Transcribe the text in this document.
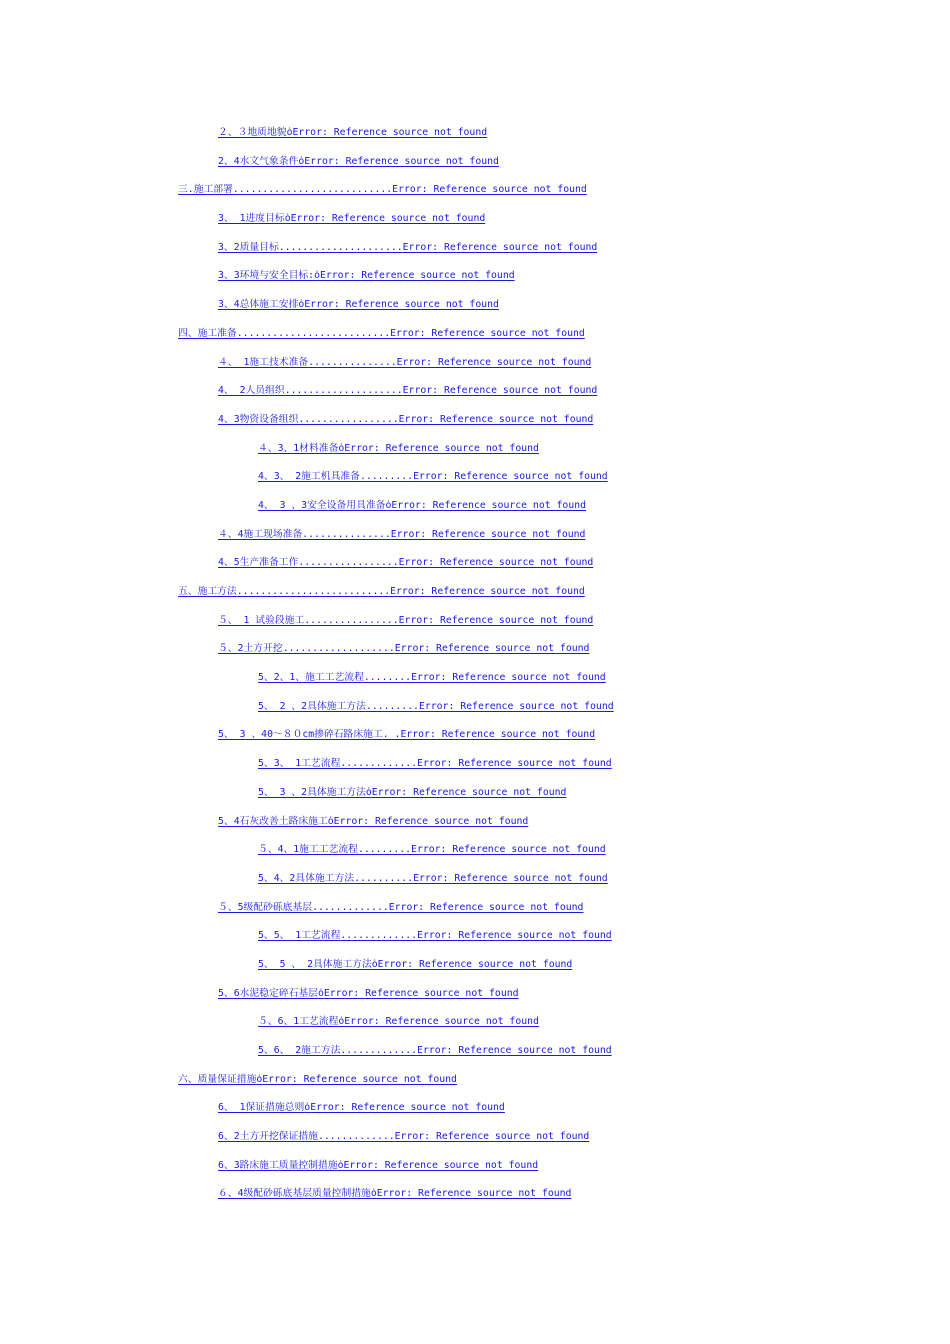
２、３地质地貌ȯError: Reference source not found
2、4水文气象条件ȯError: Reference source not found
三.施工部署...........................Error: Reference source not found
3、 1进度目标ȯError: Reference source not found
3、2质量目标.....................Error: Reference source not found
3、3环境与安全目标:ȯError: Reference source not found
3、4总体施工安排ȯError: Reference source not found
四、施工准备..........................Error: Reference source not found
４、 1施工技术准备...............Error: Reference source not found
4、 2人员组织....................Error: Reference source not found
4、3物资设备组织.................Error: Reference source not found
４、3、1材料准备ȯError: Reference source not found
4、3、 2施工机具准备.........Error: Reference source not found
4、 3 、3安全设备用具准备ȯError: Reference source not found
４、4施工现场准备...............Error: Reference source not found
4、5生产准备工作.................Error: Reference source not found
五、施工方法..........................Error: Reference source not found
５、 1 试验段施工................Error: Reference source not found
５、2土方开挖...................Error: Reference source not found
5、2、1、施工工艺流程........Error: Reference source not found
5、 2 、2具体施工方法.........Error: Reference source not found
5、 3 、40～８０cm掺碎石路床施工. .Error: Reference source not found
5、3、 1工艺流程.............Error: Reference source not found
5、 3 、2具体施工方法ȯError: Reference source not found
5、4石灰改善土路床施工ȯError: Reference source not found
５、4、1施工工艺流程.........Error: Reference source not found
5、4、2具体施工方法..........Error: Reference source not found
５、5级配砂砾底基层.............Error: Reference source not found
5、5、 1工艺流程.............Error: Reference source not found
5、 5 、 2具体施工方法ȯError: Reference source not found
5、6水泥稳定碎石基层ȯError: Reference source not found
５、6、1工艺流程ȯError: Reference source not found
5、6、 2施工方法.............Error: Reference source not found
六、质量保证措施ȯError: Reference source not found
6、 1保证措施总则ȯError: Reference source not found
6、2土方开挖保证措施.............Error: Reference source not found
6、3路床施工质量控制措施ȯError: Reference source not found
６、4级配砂砾底基层质量控制措施ȯError: Reference source not found
